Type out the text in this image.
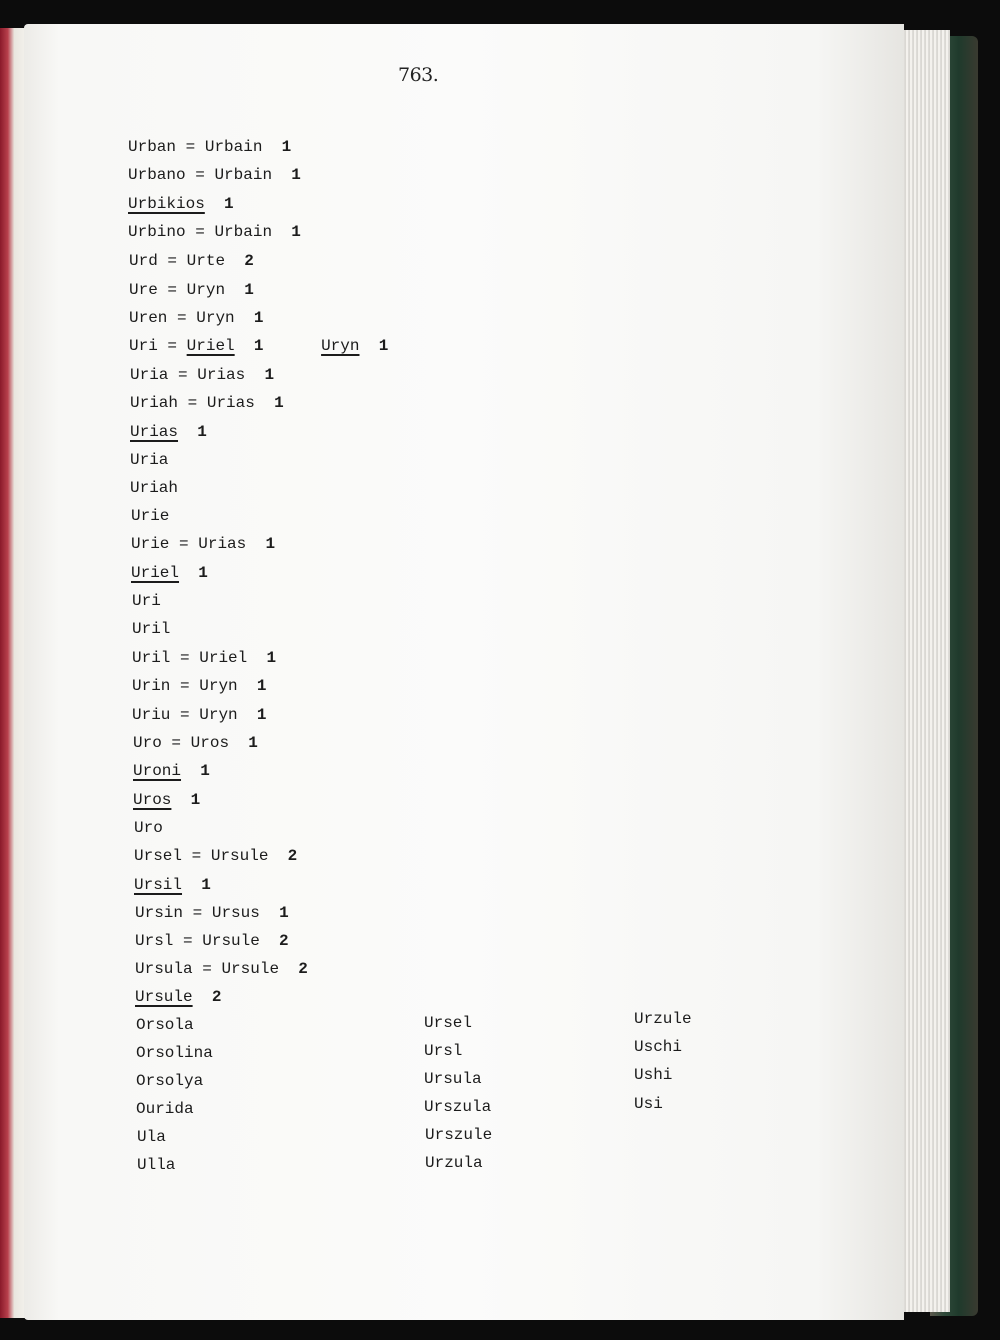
763.
Urban = Urbain 1
Urbano = Urbain 1
Urbikios 1
Urbino = Urbain 1
Urd = Urte 2
Ure = Uryn 1
Uren = Uryn 1
Uri = Uriel 1	Uryn 1
Uria = Urias 1
Uriah = Urias 1
Urias 1
Uria
Uriah
Urie
Urie = Urias 1
Uriel 1
Uri
Uril
Uril = Uriel 1
Urin = Uryn 1
Uriu = Uryn 1
Uro = Uros 1
Uroni 1
Uros 1
Uro
Ursel = Ursule 2
Ursil 1
Ursin = Ursus 1
Ursl = Ursule 2
Ursula = Ursule 2
Ursule 2
Orsola
Orsolina
Orsolya
Ourida
Ula
Ulla
Ursel
Ursl
Ursula
Urszula
Urszule
Urzula
Urzule
Uschi
Ushi
Usi
